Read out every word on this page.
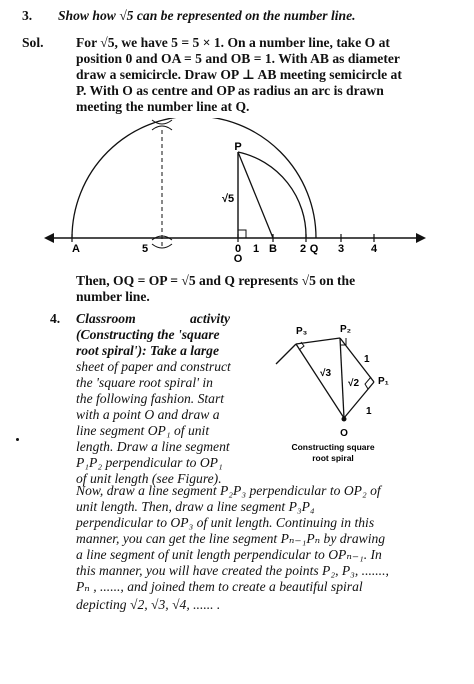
3. Show how √5 can be represented on the number line.
Sol. For √5, we have 5 = 5 × 1. On a number line, take O at
position 0 and OA = 5 and OB = 1. With AB as diameter
draw a semicircle. Draw OP ⊥ AB meeting semicircle at
P. With O as centre and OP as radius an arc is drawn
meeting the number line at Q.
P
√5
A	5	0
O
1 B 2 Q 3 4
Then, OQ = OP = √5 and Q represents √5 on the
number line.
4. Classroom	activity
(Constructing the 'square
root spiral'): Take a large
sheet of paper and construct
the 'square root spiral' in
the following fashion. Start
with a point O and draw a
line segment OP₁ of unit
length. Draw a line segment
P₁P₂ perpendicular to OP₁
of unit length (see Figure).
P₃	P₂
P₁
1
1
√2
√3
O
Constructing square
root spiral
Now, draw a line segment P₂P₃ perpendicular to OP₂ of
unit length. Then, draw a line segment P₃P₄
perpendicular to OP₃ of unit length. Continuing in this
manner, you can get the line segment Pₙ₋₁Pₙ by drawing
a line segment of unit length perpendicular to OPₙ₋₁. In
this manner, you will have created the points P₂, P₃, .......,
Pₙ , ......, and joined them to create a beautiful spiral
depicting √2, √3, √4, ...... .
